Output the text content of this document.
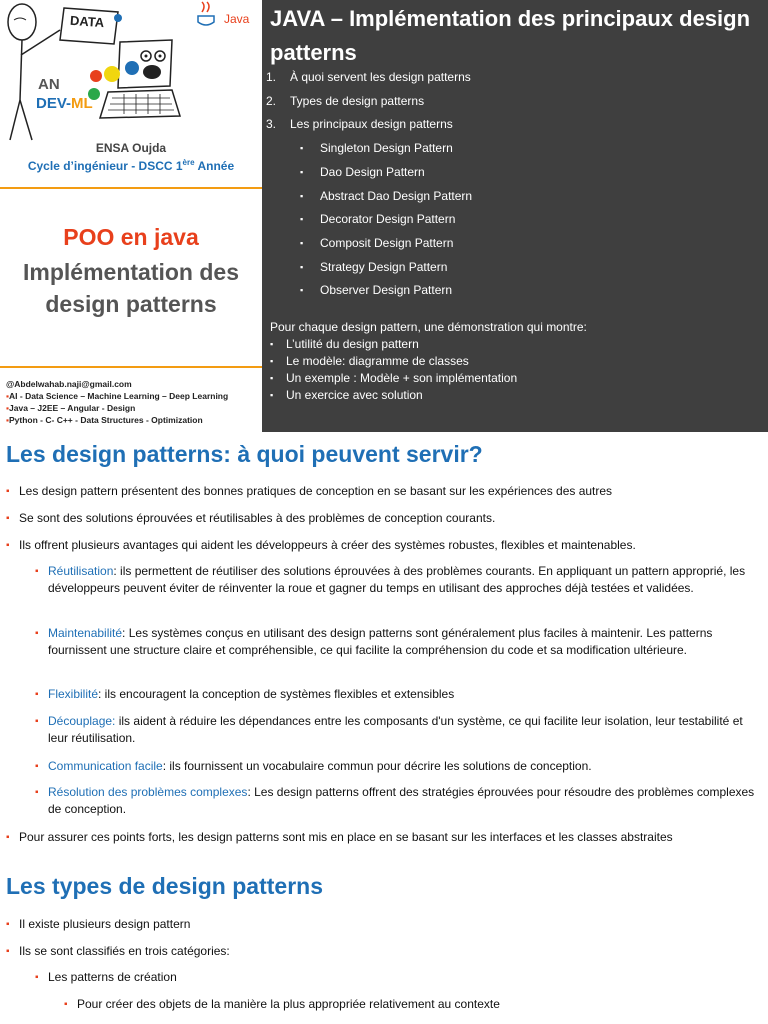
DATA	Java
AN
DEV-ML
ENSA Oujda
Cycle d’ingénieur - DSCC 1ère Année
POO en java
Implémentation des design patterns
@Abdelwahab.naji@gmail.com
▪AI - Data Science – Machine Learning – Deep Learning
▪Java – J2EE – Angular - Design
▪Python - C- C++ - Data Structures - Optimization
JAVA – Implémentation des principaux design patterns
1. À quoi servent les design patterns
2. Types de design patterns
3. Les principaux design patterns
▪ Singleton Design Pattern
▪ Dao Design Pattern
▪ Abstract Dao Design Pattern
▪ Decorator Design Pattern
▪ Composit Design Pattern
▪ Strategy Design Pattern
▪ Observer Design Pattern
Pour chaque design pattern, une démonstration qui montre:
▪ L’utilité du design pattern
▪ Le modèle: diagramme de classes
▪ Un exemple : Modèle + son implémentation
▪ Un exercice avec solution
Les design patterns: à quoi peuvent servir?
▪ Les design pattern présentent des bonnes pratiques de conception en se basant sur les expériences des autres
▪ Se sont des solutions éprouvées et réutilisables à des problèmes de conception courants.
▪ Ils offrent plusieurs avantages qui aident les développeurs à créer des systèmes robustes, flexibles et maintenables.
▪ Réutilisation: ils permettent de réutiliser des solutions éprouvées à des problèmes courants. En appliquant un pattern approprié, les développeurs peuvent éviter de réinventer la roue et gagner du temps en utilisant des approches déjà testées et validées.
▪ Maintenabilité: Les systèmes conçus en utilisant des design patterns sont généralement plus faciles à maintenir. Les patterns fournissent une structure claire et compréhensible, ce qui facilite la compréhension du code et sa modification ultérieure.
▪ Flexibilité: ils encouragent la conception de systèmes flexibles et extensibles
▪ Découplage: ils aident à réduire les dépendances entre les composants d'un système, ce qui facilite leur isolation, leur testabilité et leur réutilisation.
▪ Communication facile: ils fournissent un vocabulaire commun pour décrire les solutions de conception.
▪ Résolution des problèmes complexes: Les design patterns offrent des stratégies éprouvées pour résoudre des problèmes complexes de conception.
▪ Pour assurer ces points forts, les design patterns sont mis en place en se basant sur les interfaces et les classes abstraites
Les types de design patterns
▪ Il existe plusieurs design pattern
▪ Ils se sont classifiés en trois catégories:
▪ Les patterns de création
▪ Pour créer des objets de la manière la plus appropriée relativement au contexte
